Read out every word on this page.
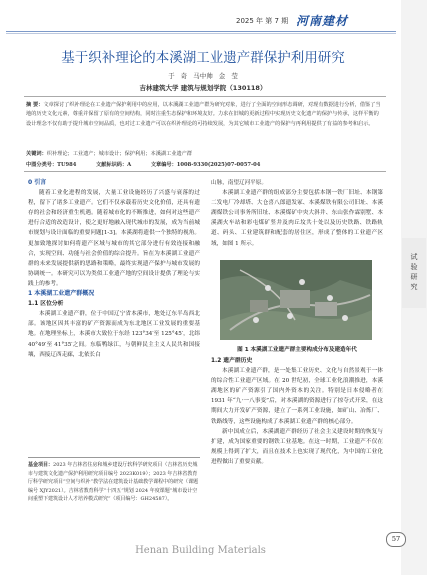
2025 年 第 7 期 河南建材
基于织补理论的本溪湖工业遗产群保护利用研究
于 奇 马中帅 金 莹
吉林建筑大学 建筑与规划学院（130118）
摘 要：文章探讨了织补理论在工业遗产保护利用中的应用，以本溪湖工业遗产群为研究对象，进行了全面的空间形态调研，对现有数据进行分析，借鉴了当地的历史文化元素，尊重并保留了原有的空间结构，同时注重生态保护和环境友好。力求在旧城的更新过程中实现历史文化遗产的保护与传承，这样平衡的设计理念不仅有助于提升城市空间品质，也对过工业遗产可以在织补理论的可持续发展，为其它城市工业遗产的保护与再利用提供了有益的参考和启示。
关键词：织补理论；工业遗产；城市设计；保护利用；本溪湖工业遗产群
中图分类号：TU984	文献标识码：A	文章编号：1008-9330(2025)07-0057-04

0 引言

随着工业化进程的发展，大量工业设施经历了兴盛与衰落的过程，留下了诸多工业遗产。它们不仅承载着历史文化价值，还具有遗存的社会和经济重生机遇。随着城市化的不断推进，如何对这些遗产进行合适的改造设计，使之更好地融入现代城市的发展，成为当前城市规划与设计面临的重要问题[1-3]。本溪湖将遗供一个独特的视角。更加致地探讨如何将遗产区域与城市的其它部分进行有效连接和融合，实现空间、功能与社会价值的综合提升。旨在为本溪湖工业遗产群的未来发展提供新的思路和策略，最终实现遗产保护与城市发展的协调统一。本研究可以为类似工业遗产地的空间设计提供了理论与实践上的参考。

1 本溪湖工业遗产群概况

1.1 区位分析

本溪湖工业遗产群，位于中国辽宁省本溪市，地处辽东半岛西北部。该地区因其丰富的矿产资源而成为东北地区工业发展的重要基地。在地理坐标上，本溪市大致位于东经 123°34′至 125°45′，北纬 40°49′至 41°35′之间。东临鸭绿江，与朝鲜民主主义人民共和国接壤，西接辽西走廊，北依长白

基金项目：2023 年吉林省住房和城乡建设厅软科学研究项目（吉林省历史城市与建筑文化遗产保护利用研究项目编号 2023K019）；2023 年吉林省教育厅科学研究项目“空间与织补”教学法在建筑设计基础教学课程中的研究（课题编号 XJY2021）。吉林省教育科学“十四五”规划 2024 年度课题“城市设计空间重塑下建筑设计人才培养模式研究”（项目编号：GH24587）。

山脉，南望辽河平原。

本溪湖工业遗产群的组成部分主要包括本钢一铁厂旧址、本钢第二发电厂冷却塔、大仓喜八郎遗发冢、本溪煤铁有限公司旧址、本溪湖煤铁公司事务所旧址、本溪煤矿中央大斜井、东山张作霖别墅、本溪湖火车站和彩屯煤矿竖井及肉丘坟共十处以及历史铁路、铁路轨道、码头、工业建筑群和配套的居住区，形成了整体的工业遗产区域，如图 1 所示。

图 1 本溪湖工业遗产群主要构成分布及建造年代

1.2 遗产群历史

本溪湖工业遗产群，是一处集工业历史、文化与自然景观于一体的综合性工业遗产区域。在 20 世纪初，全球工业化浪潮推进，本溪湖地区的矿产资源引了国内外资本的关注。特别是日本侵略者在 1931 年“九·一八事变”后，对本溪湖的资源进行了掠夺式开采，在这期间大力开发矿产资源，建立了一系列工业设施，如矿山、冶炼厂、铁路线等，这些设施构成了本溪湖工业遗产群的核心部分。

新中国成立后，本溪湖遗产群经历了社会主义建设时期的恢复与扩建，成为国家重要的钢铁工业基地。在这一时期，工业遗产不仅在规模上得到了扩大，而且在技术上也实现了现代化，为中国的工业化进程做出了重要贡献。

试验研究
57
Henan Building Materials
